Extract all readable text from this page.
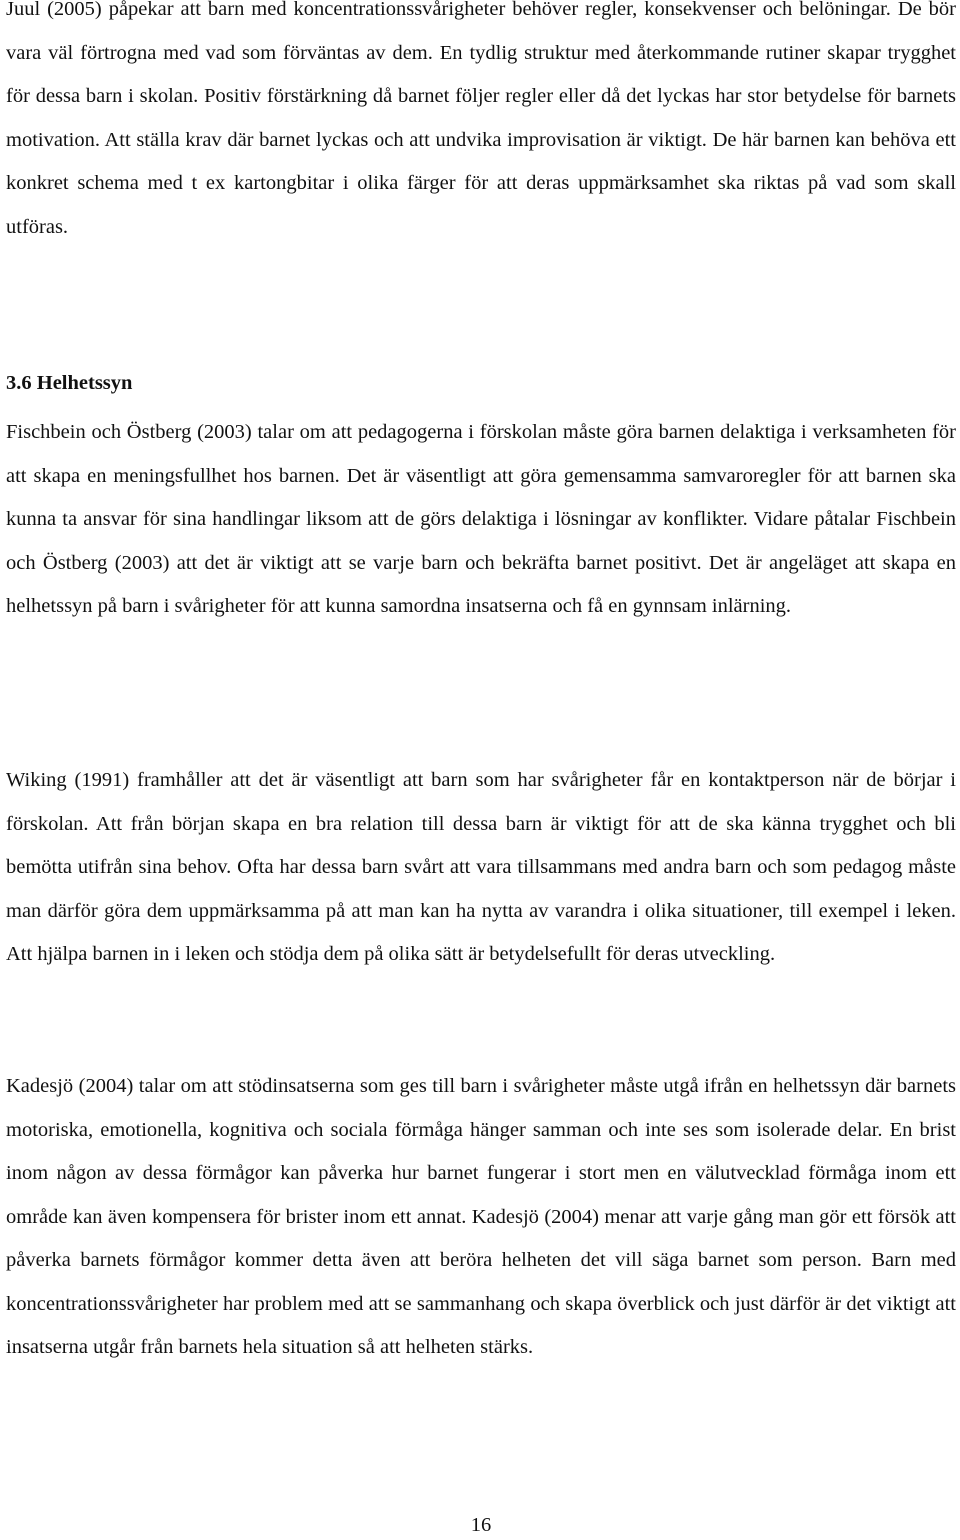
Juul (2005) påpekar att barn med koncentrationssvårigheter behöver regler, konsekvenser och belöningar. De bör vara väl förtrogna med vad som förväntas av dem. En tydlig struktur med återkommande rutiner skapar trygghet för dessa barn i skolan. Positiv förstärkning då barnet följer regler eller då det lyckas har stor betydelse för barnets motivation. Att ställa krav där barnet lyckas och att undvika improvisation är viktigt. De här barnen kan behöva ett konkret schema med t ex kartongbitar i olika färger för att deras uppmärksamhet ska riktas på vad som skall utföras.

3.6 Helhetssyn

Fischbein och Östberg (2003) talar om att pedagogerna i förskolan måste göra barnen delaktiga i verksamheten för att skapa en meningsfullhet hos barnen. Det är väsentligt att göra gemensamma samvaroregler för att barnen ska kunna ta ansvar för sina handlingar liksom att de görs delaktiga i lösningar av konflikter. Vidare påtalar Fischbein och Östberg (2003) att det är viktigt att se varje barn och bekräfta barnet positivt. Det är angeläget att skapa en helhetssyn på barn i svårigheter för att kunna samordna insatserna och få en gynnsam inlärning.

Wiking (1991) framhåller att det är väsentligt att barn som har svårigheter får en kontaktperson när de börjar i förskolan. Att från början skapa en bra relation till dessa barn är viktigt för att de ska känna trygghet och bli bemötta utifrån sina behov. Ofta har dessa barn svårt att vara tillsammans med andra barn och som pedagog måste man därför göra dem uppmärksamma på att man kan ha nytta av varandra i olika situationer, till exempel i leken. Att hjälpa barnen in i leken och stödja dem på olika sätt är betydelsefullt för deras utveckling.

Kadesjö (2004) talar om att stödinsatserna som ges till barn i svårigheter måste utgå ifrån en helhetssyn där barnets motoriska, emotionella, kognitiva och sociala förmåga hänger samman och inte ses som isolerade delar. En brist inom någon av dessa förmågor kan påverka hur barnet fungerar i stort men en välutvecklad förmåga inom ett område kan även kompensera för brister inom ett annat. Kadesjö (2004) menar att varje gång man gör ett försök att påverka barnets förmågor kommer detta även att beröra helheten det vill säga barnet som person. Barn med koncentrationssvårigheter har problem med att se sammanhang och skapa överblick och just därför är det viktigt att insatserna utgår från barnets hela situation så att helheten stärks.

16
